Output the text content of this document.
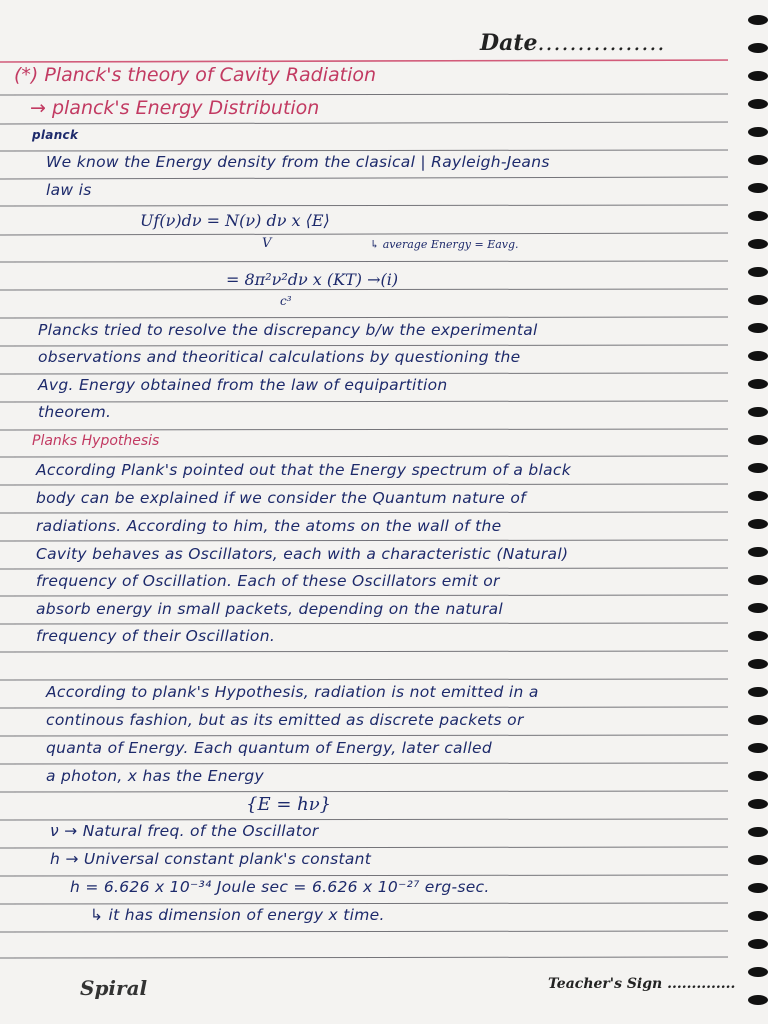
Date................
(*) Planck's theory of Cavity Radiation
→ planck's Energy Distribution
planck
We know the Energy density from the clasical | Rayleigh-Jeans
law is
Uf(ν)dν = N(ν) dν x ⟨E⟩
V	↳ average Energy = Eavg.
= 8π²ν²dν x (KT) →(i)
c³
Plancks tried to resolve the discrepancy b/w the experimental
observations and theoritical calculations by questioning the
Avg. Energy obtained from the law of equipartition
theorem.
Planks Hypothesis
According Plank's pointed out that the Energy spectrum of a black
body can be explained if we consider the Quantum nature of
radiations. According to him, the atoms on the wall of the
Cavity behaves as Oscillators, each with a characteristic (Natural)
frequency of Oscillation. Each of these Oscillators emit or
absorb energy in small packets, depending on the natural
frequency of their Oscillation.
According to plank's Hypothesis, radiation is not emitted in a
continous fashion, but as its emitted as discrete packets or
quanta of Energy. Each quantum of Energy, later called
a photon, x has the Energy
{E = hν}
ν → Natural freq. of the Oscillator
h → Universal constant plank's constant
h = 6.626 x 10⁻³⁴ Joule sec = 6.626 x 10⁻²⁷ erg-sec.
↳ it has dimension of energy x time.
Spiral	Teacher's Sign ..............
